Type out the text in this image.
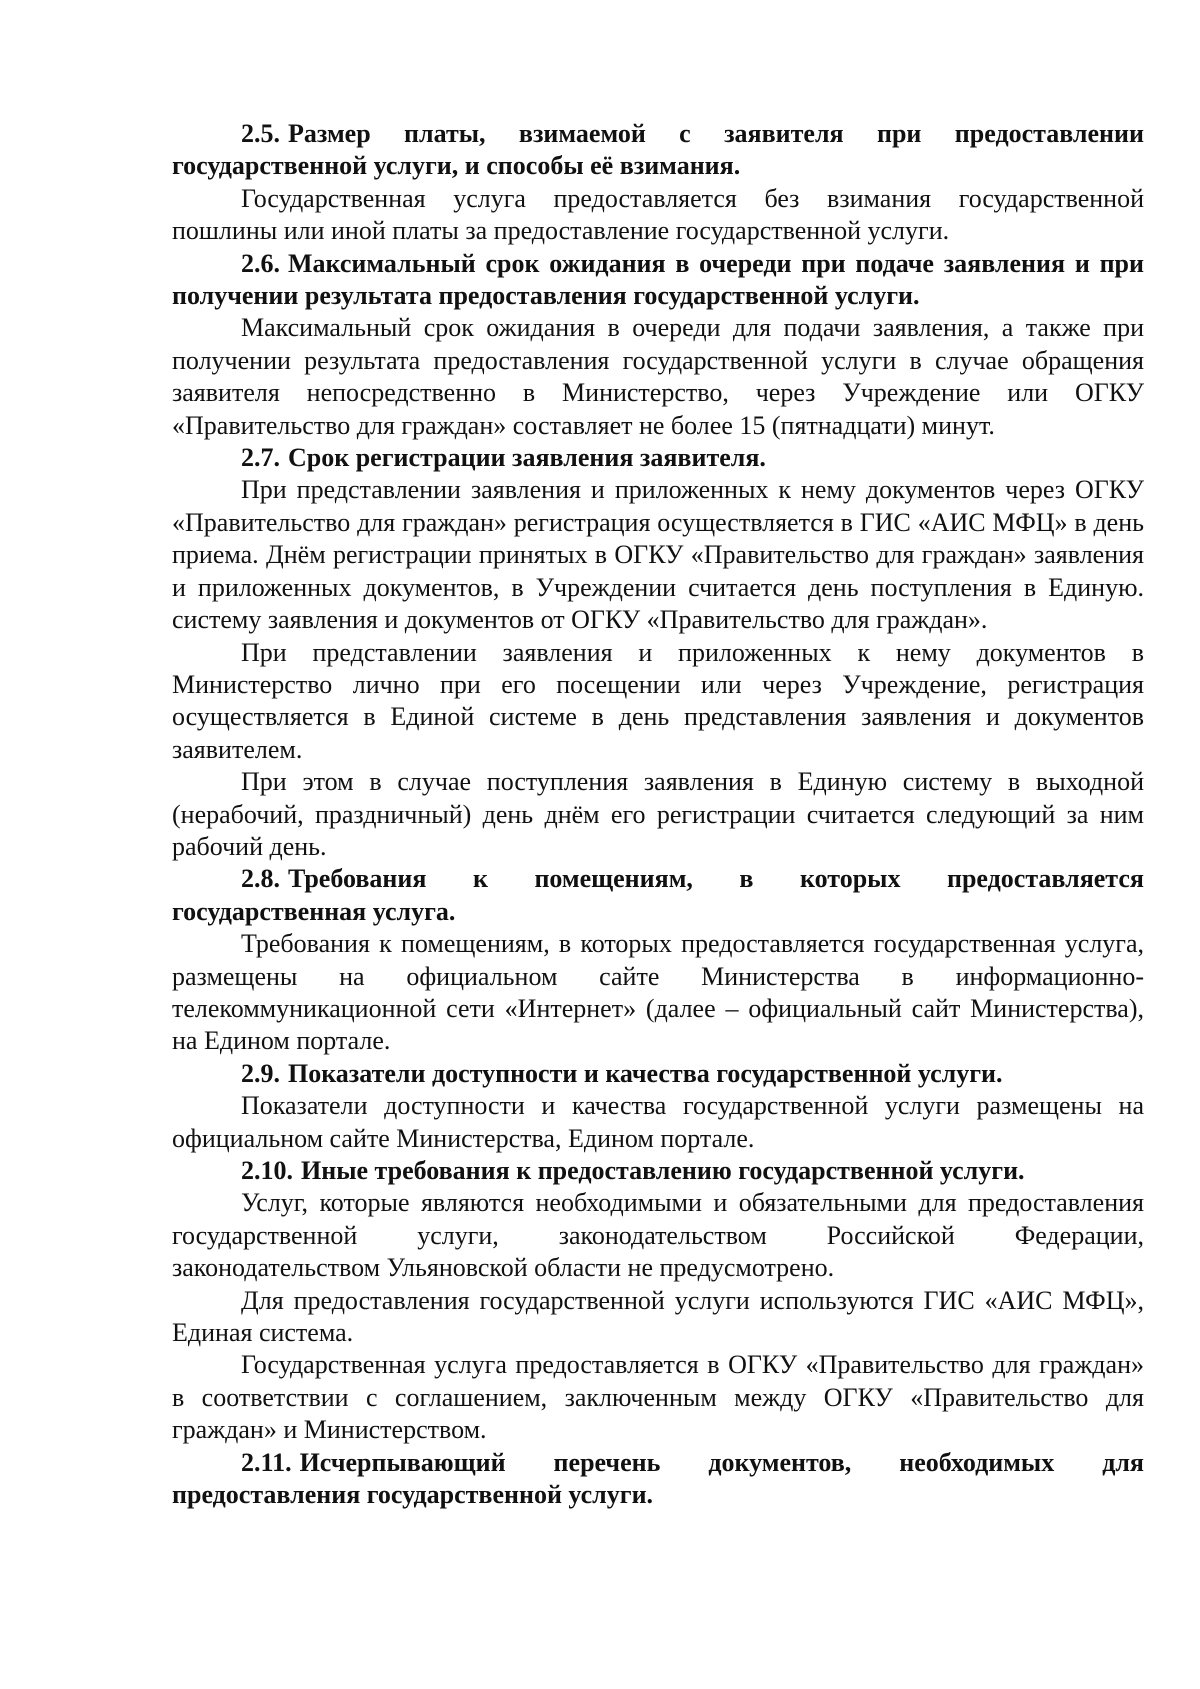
2.5. Размер платы, взимаемой с заявителя при предоставлении государственной услуги, и способы её взимания.

Государственная услуга предоставляется без взимания государственной пошлины или иной платы за предоставление государственной услуги.

2.6. Максимальный срок ожидания в очереди при подаче заявления и при получении результата предоставления государственной услуги.

Максимальный срок ожидания в очереди для подачи заявления, а также при получении результата предоставления государственной услуги в случае обращения заявителя непосредственно в Министерство, через Учреждение или ОГКУ «Правительство для граждан» составляет не более 15 (пятнадцати) минут.

2.7. Срок регистрации заявления заявителя.

При представлении заявления и приложенных к нему документов через ОГКУ «Правительство для граждан» регистрация осуществляется в ГИС «АИС МФЦ» в день приема. Днём регистрации принятых в ОГКУ «Правительство для граждан» заявления и приложенных документов, в Учреждении считается день поступления в Единую. систему заявления и документов от ОГКУ «Правительство для граждан».

При представлении заявления и приложенных к нему документов в Министерство лично при его посещении или через Учреждение, регистрация осуществляется в Единой системе в день представления заявления и документов заявителем.

При этом в случае поступления заявления в Единую систему в выходной (нерабочий, праздничный) день днём его регистрации считается следующий за ним рабочий день.

2.8. Требования к помещениям, в которых предоставляется государственная услуга.

Требования к помещениям, в которых предоставляется государственная услуга, размещены на официальном сайте Министерства в информационно-телекоммуникационной сети «Интернет» (далее – официальный сайт Министерства), на Едином портале.

2.9. Показатели доступности и качества государственной услуги.

Показатели доступности и качества государственной услуги размещены на официальном сайте Министерства, Едином портале.

2.10. Иные требования к предоставлению государственной услуги.

Услуг, которые являются необходимыми и обязательными для предоставления государственной услуги, законодательством Российской Федерации, законодательством Ульяновской области не предусмотрено.

Для предоставления государственной услуги используются ГИС «АИС МФЦ», Единая система.

Государственная услуга предоставляется в ОГКУ «Правительство для граждан» в соответствии с соглашением, заключенным между ОГКУ «Правительство для граждан» и Министерством.

2.11. Исчерпывающий перечень документов, необходимых для предоставления государственной услуги.
